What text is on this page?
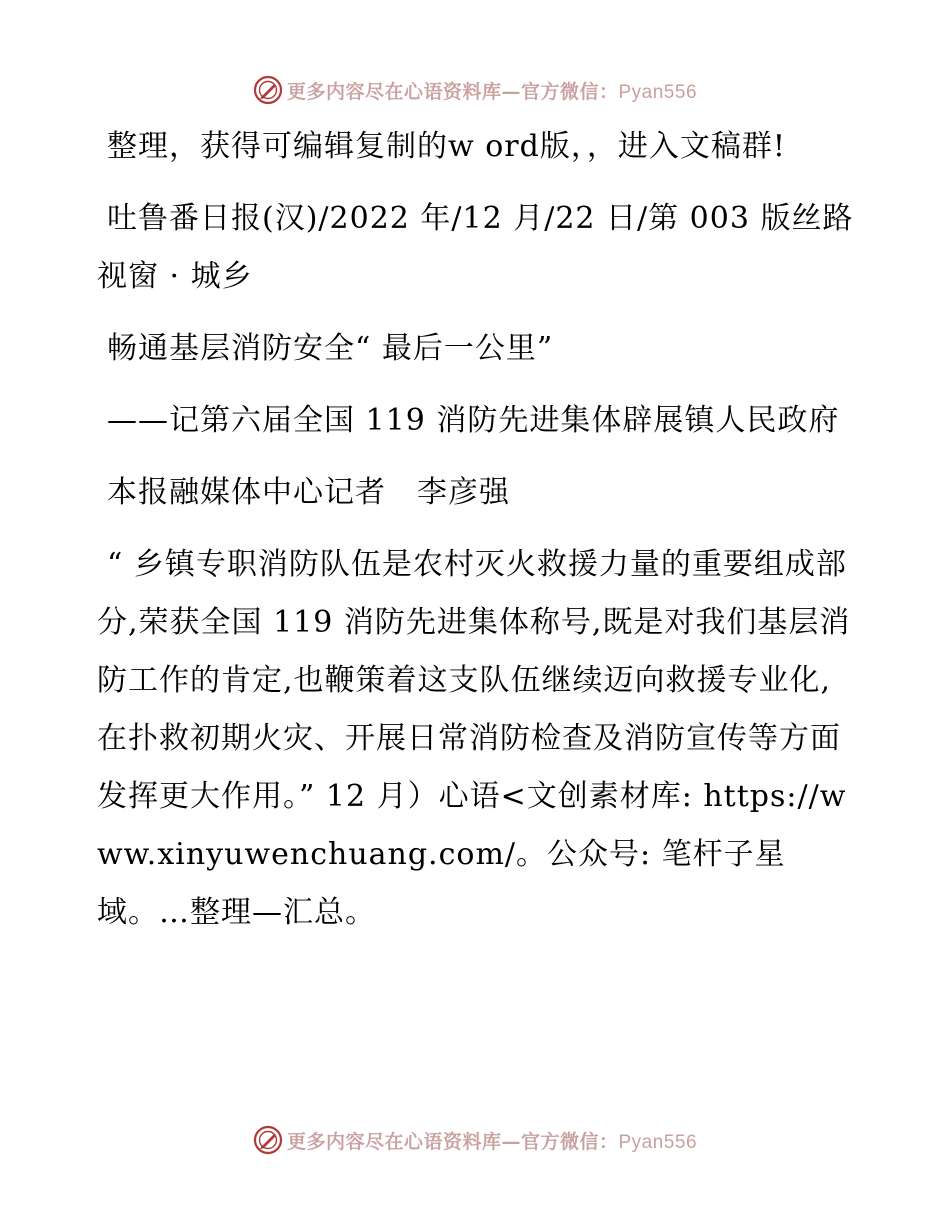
更多内容尽在心语资料库—官方微信：Pyan556

整理，获得可编辑复制的w ord版，，进入文稿群!

吐鲁番日报(汉)/2022 年/12 月/22 日/第 003 版丝路视窗 · 城乡

畅通基层消防安全“ 最后一公里”

——记第六届全国 119 消防先进集体辟展镇人民政府

本报融媒体中心记者　李彦强

“ 乡镇专职消防队伍是农村灭火救援力量的重要组成部分,荣获全国 119 消防先进集体称号,既是对我们基层消防工作的肯定,也鞭策着这支队伍继续迈向救援专业化,在扑救初期火灾、开展日常消防检查及消防宣传等方面发挥更大作用。” 12 月）心语<文创素材库: https://www.xinyuwenchuang.com/。公众号: 笔杆子星域。…整理—汇总。

更多内容尽在心语资料库—官方微信：Pyan556
